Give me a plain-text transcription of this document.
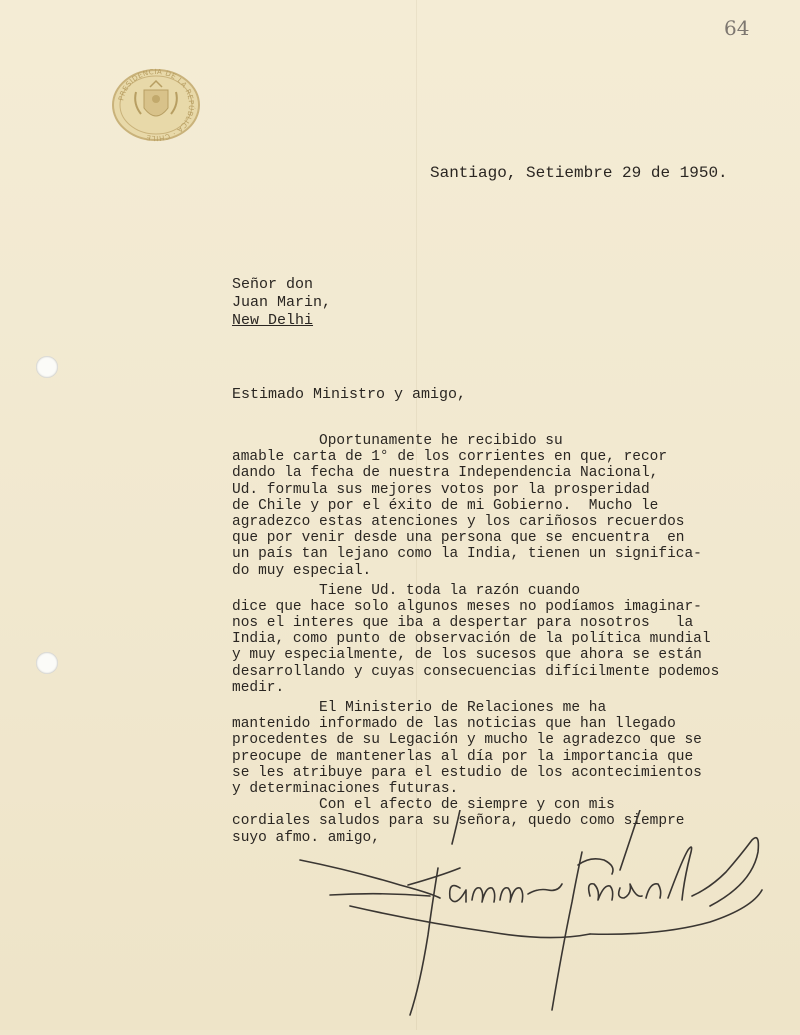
64
PRESIDENCIA DE LA REPÚBLICA · CHILE
Santiago, Setiembre 29 de 1950.
Señor don
Juan Marin,
New Delhi
Estimado Ministro y amigo,
Oportunamente he recibido su
amable carta de 1° de los corrientes en que, recor
dando la fecha de nuestra Independencia Nacional,
Ud. formula sus mejores votos por la prosperidad
de Chile y por el éxito de mi Gobierno.  Mucho le
agradezco estas atenciones y los cariñosos recuerdos
que por venir desde una persona que se encuentra  en
un país tan lejano como la India, tienen un significa-
do muy especial.
Tiene Ud. toda la razón cuando
dice que hace solo algunos meses no podíamos imaginar-
nos el interes que iba a despertar para nosotros   la
India, como punto de observación de la política mundial
y muy especialmente, de los sucesos que ahora se están
desarrollando y cuyas consecuencias difícilmente podemos
medir.
El Ministerio de Relaciones me ha
mantenido informado de las noticias que han llegado
procedentes de su Legación y mucho le agradezco que se
preocupe de mantenerlas al día por la importancia que
se les atribuye para el estudio de los acontecimientos
y determinaciones futuras.
Con el afecto de siempre y con mis
cordiales saludos para su señora, quedo como siempre
suyo afmo. amigo,
